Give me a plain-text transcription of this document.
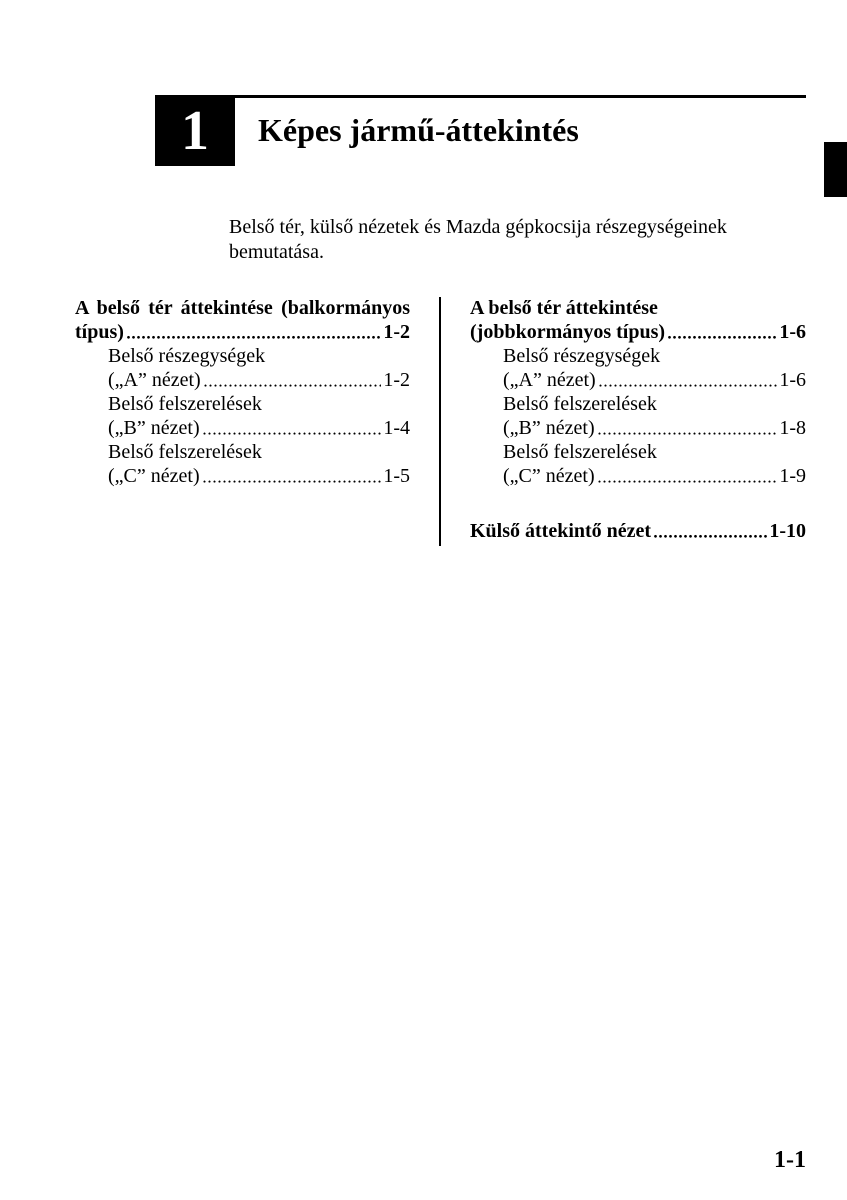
1	Képes jármű-áttekintés
Belső tér, külső nézetek és Mazda gépkocsija részegységeinek bemutatása.
A belső tér áttekintése (balkormányos
típus)	1-2
Belső részegységek
(„A” nézet)	1-2
Belső felszerelések
(„B” nézet)	1-4
Belső felszerelések
(„C” nézet)	1-5
A belső tér áttekintése
(jobbkormányos típus)	1-6
Belső részegységek
(„A” nézet)	1-6
Belső felszerelések
(„B” nézet)	1-8
Belső felszerelések
(„C” nézet)	1-9
Külső áttekintő nézet	1-10
1-1
